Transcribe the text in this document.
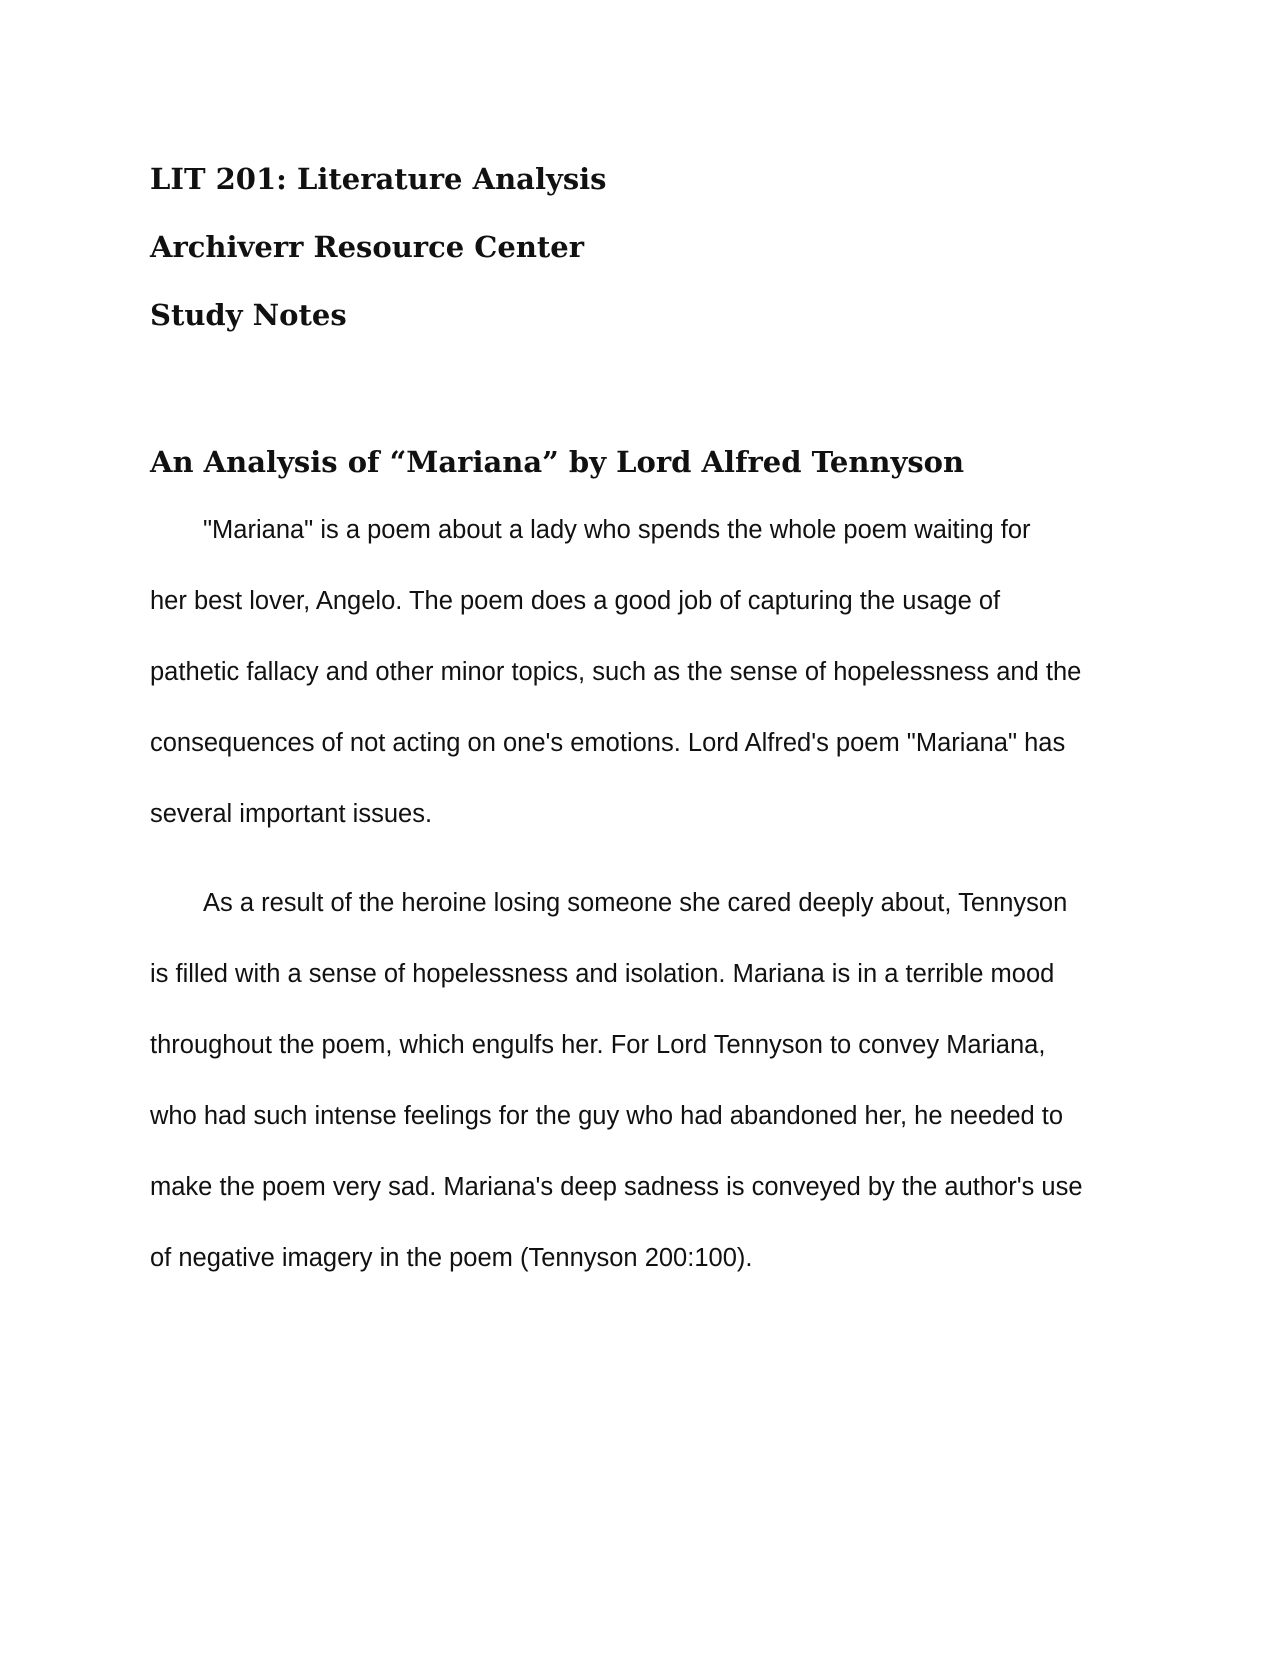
LIT 201: Literature Analysis
Archiverr Resource Center
Study Notes
An Analysis of “Mariana” by Lord Alfred Tennyson
"Mariana" is a poem about a lady who spends the whole poem waiting for
her best lover, Angelo. The poem does a good job of capturing the usage of
pathetic fallacy and other minor topics, such as the sense of hopelessness and the
consequences of not acting on one's emotions. Lord Alfred's poem "Mariana" has
several important issues.
As a result of the heroine losing someone she cared deeply about, Tennyson
is filled with a sense of hopelessness and isolation. Mariana is in a terrible mood
throughout the poem, which engulfs her. For Lord Tennyson to convey Mariana,
who had such intense feelings for the guy who had abandoned her, he needed to
make the poem very sad. Mariana's deep sadness is conveyed by the author's use
of negative imagery in the poem (Tennyson 200:100).
